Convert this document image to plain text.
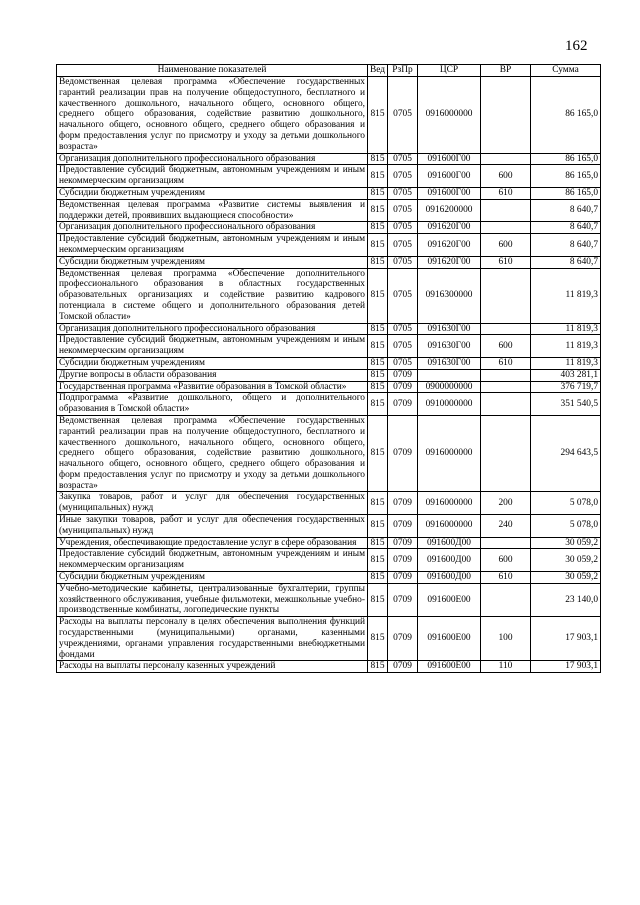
162
Наименование показателей	Вед	РзПр	ЦСР	ВР	Сумма
Ведомственная целевая программа «Обеспечение государственных гарантий реализации прав на получение общедоступного, бесплатного и качественного дошкольного, начального общего, основного общего, среднего общего образования, содействие развитию дошкольного, начального общего, основного общего, среднего общего образования и форм предоставления услуг по присмотру и уходу за детьми дошкольного возраста»	815	0705	0916000000		86 165,0
Организация дополнительного профессионального образования	815	0705	091600Г00		86 165,0
Предоставление субсидий бюджетным, автономным учреждениям и иным некоммерческим организациям	815	0705	091600Г00	600	86 165,0
Субсидии бюджетным учреждениям	815	0705	091600Г00	610	86 165,0
Ведомственная целевая программа «Развитие системы выявления и поддержки детей, проявивших выдающиеся способности»	815	0705	0916200000		8 640,7
Организация дополнительного профессионального образования	815	0705	091620Г00		8 640,7
Предоставление субсидий бюджетным, автономным учреждениям и иным некоммерческим организациям	815	0705	091620Г00	600	8 640,7
Субсидии бюджетным учреждениям	815	0705	091620Г00	610	8 640,7
Ведомственная целевая программа «Обеспечение дополнительного профессионального образования в областных государственных образовательных организациях и содействие развитию кадрового потенциала в системе общего и дополнительного образования детей Томской области»	815	0705	0916300000		11 819,3
Организация дополнительного профессионального образования	815	0705	091630Г00		11 819,3
Предоставление субсидий бюджетным, автономным учреждениям и иным некоммерческим организациям	815	0705	091630Г00	600	11 819,3
Субсидии бюджетным учреждениям	815	0705	091630Г00	610	11 819,3
Другие вопросы в области образования	815	0709			403 281,1
Государственная программа «Развитие образования в Томской области»	815	0709	0900000000		376 719,7
Подпрограмма «Развитие дошкольного, общего и дополнительного образования в Томской области»	815	0709	0910000000		351 540,5
Ведомственная целевая программа «Обеспечение государственных гарантий реализации прав на получение общедоступного, бесплатного и качественного дошкольного, начального общего, основного общего, среднего общего образования, содействие развитию дошкольного, начального общего, основного общего, среднего общего образования и форм предоставления услуг по присмотру и уходу за детьми дошкольного возраста»	815	0709	0916000000		294 643,5
Закупка товаров, работ и услуг для обеспечения государственных (муниципальных) нужд	815	0709	0916000000	200	5 078,0
Иные закупки товаров, работ и услуг для обеспечения государственных (муниципальных) нужд	815	0709	0916000000	240	5 078,0
Учреждения, обеспечивающие предоставление услуг в сфере образования	815	0709	091600Д00		30 059,2
Предоставление субсидий бюджетным, автономным учреждениям и иным некоммерческим организациям	815	0709	091600Д00	600	30 059,2
Субсидии бюджетным учреждениям	815	0709	091600Д00	610	30 059,2
Учебно-методические кабинеты, централизованные бухгалтерии, группы хозяйственного обслуживания, учебные фильмотеки, межшкольные учебно-производственные комбинаты, логопедические пункты	815	0709	091600Е00		23 140,0
Расходы на выплаты персоналу в целях обеспечения выполнения функций государственными (муниципальными) органами, казенными учреждениями, органами управления государственными внебюджетными фондами	815	0709	091600Е00	100	17 903,1
Расходы на выплаты персоналу казенных учреждений	815	0709	091600Е00	110	17 903,1
